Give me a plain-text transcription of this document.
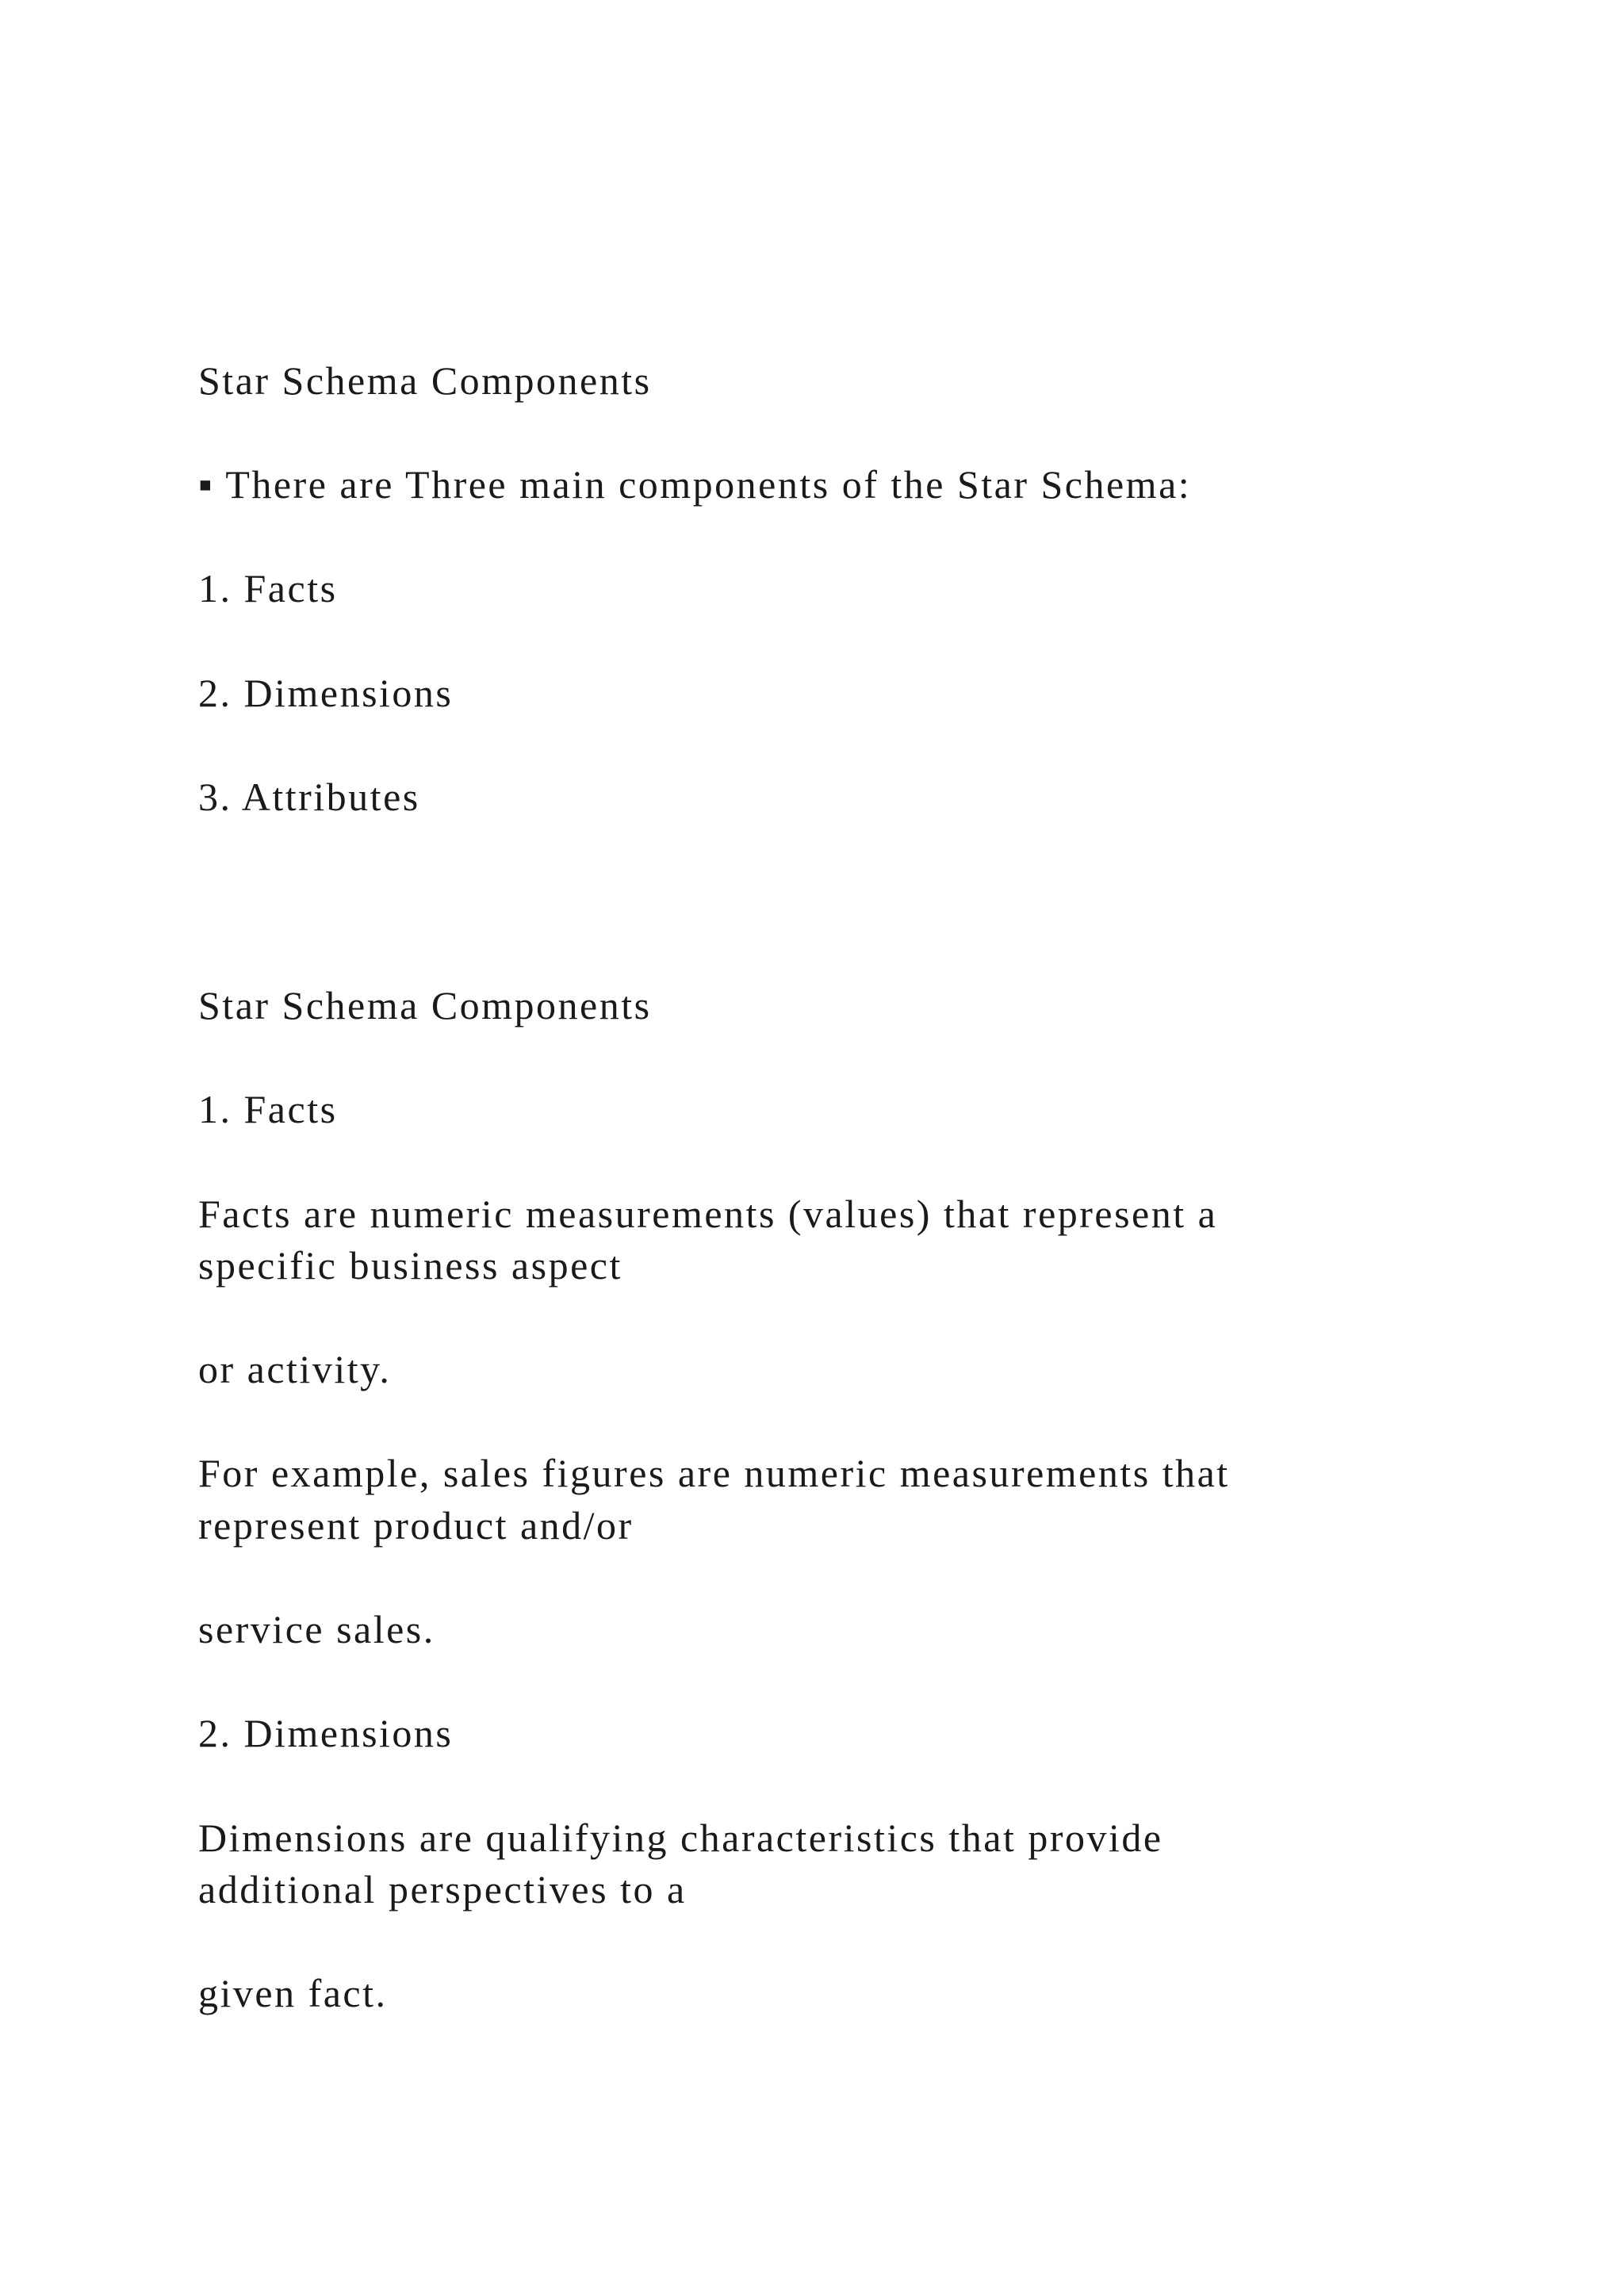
Star Schema Components

▪ There are Three main components of the Star Schema:

1. Facts

2. Dimensions

3. Attributes

Star Schema Components

1. Facts

Facts are numeric measurements (values) that represent a

specific business aspect

or activity.

For example, sales figures are numeric measurements that

represent product and/or

service sales.

2. Dimensions

Dimensions are qualifying characteristics that provide

additional perspectives to a

given fact.
